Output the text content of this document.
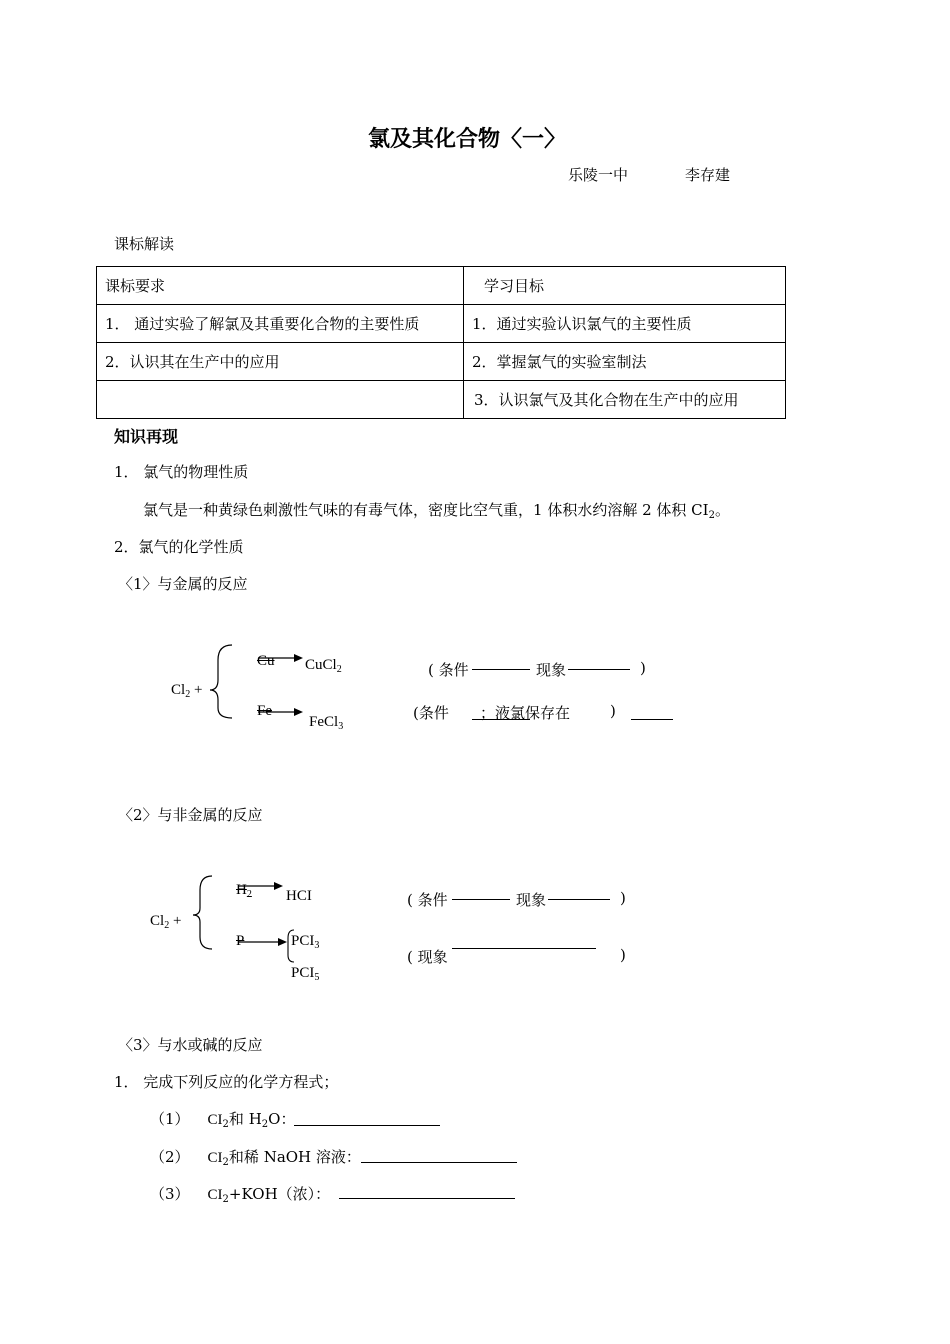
氯及其化合物〈一〉
乐陵一中	李存建
课标解读
课标要求	学习目标
1． 通过实验了解氯及其重要化合物的主要性质	1．通过实验认识氯气的主要性质
2．认识其在生产中的应用	2．掌握氯气的实验室制法
	3．认识氯气及其化合物在生产中的应用
知识再现
1． 氯气的物理性质
氯气是一种黄绿色刺激性气味的有毒气体，密度比空气重，1 体积水约溶解 2 体积 $CI_2$。
2．氯气的化学性质
〈1〉与金属的反应
$Cl_2$ +
Cu CuCl$_2$
Fe
FeCl$_3$
( 条件	现象	)
(条件 ；液氯保存在	)
〈2〉与非金属的反应
$Cl_2$ +
$H_2$ HCI
P	$PCI_3$
$PCI_5$
( 条件	现象	)
( 现象	)
〈3〉与水或碱的反应
1． 完成下列反应的化学方程式；
（1） $CI_2$和 $H_2O$：
（2） $CI_2$和稀 NaOH 溶液：
（3） $CI_2+KOH$（浓）：
